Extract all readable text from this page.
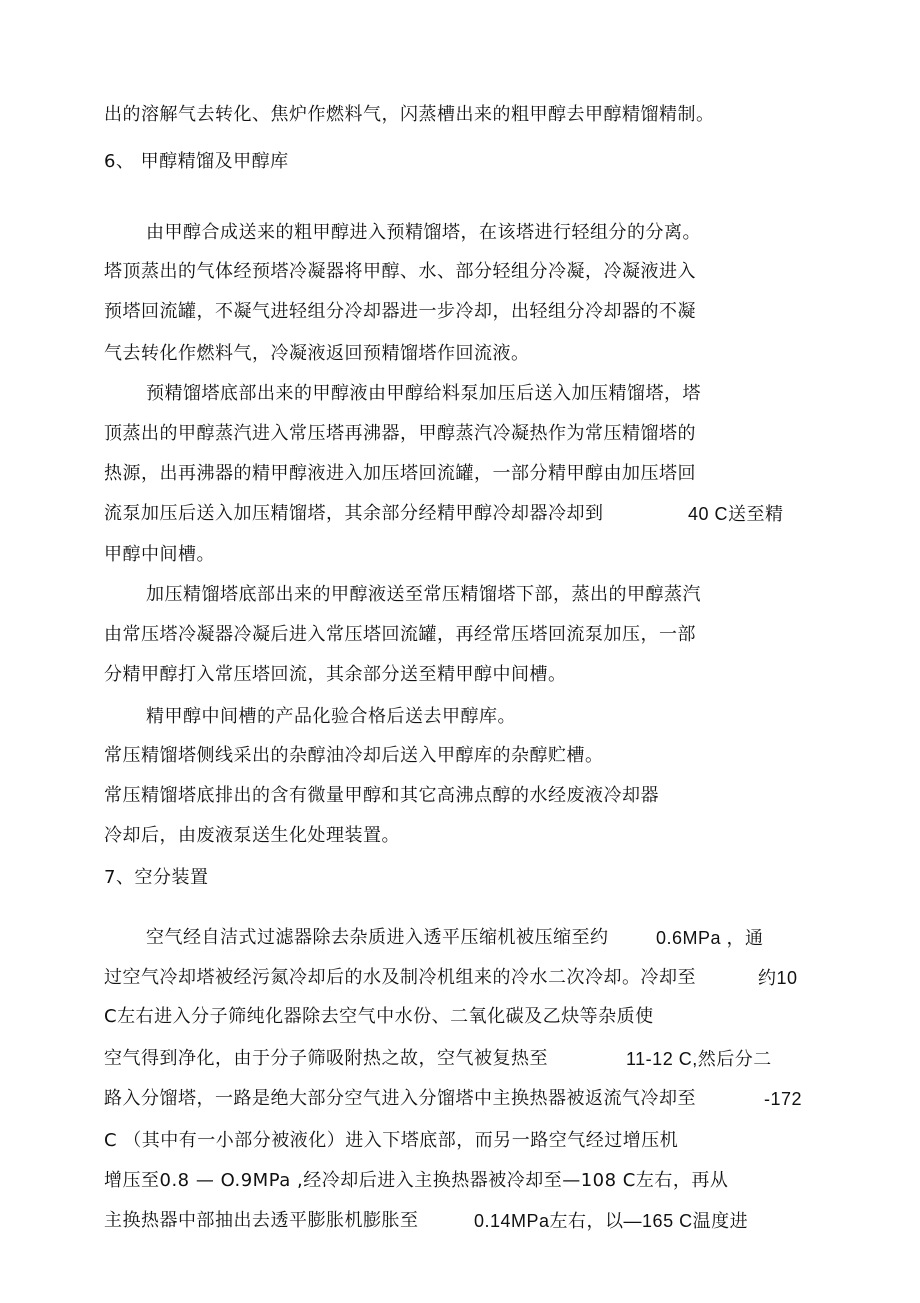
出的溶解气去转化、焦炉作燃料气，闪蒸槽出来的粗甲醇去甲醇精馏精制。
6、 甲醇精馏及甲醇库
由甲醇合成送来的粗甲醇进入预精馏塔，在该塔进行轻组分的分离。
塔顶蒸出的气体经预塔冷凝器将甲醇、水、部分轻组分冷凝，冷凝液进入
预塔回流罐，不凝气进轻组分冷却器进一步冷却，出轻组分冷却器的不凝
气去转化作燃料气，冷凝液返回预精馏塔作回流液。
预精馏塔底部出来的甲醇液由甲醇给料泵加压后送入加压精馏塔，塔
顶蒸出的甲醇蒸汽进入常压塔再沸器，甲醇蒸汽冷凝热作为常压精馏塔的
热源，出再沸器的精甲醇液进入加压塔回流罐，一部分精甲醇由加压塔回
流泵加压后送入加压精馏塔，其余部分经精甲醇冷却器冷却到	40 C送至精
甲醇中间槽。
加压精馏塔底部出来的甲醇液送至常压精馏塔下部，蒸出的甲醇蒸汽
由常压塔冷凝器冷凝后进入常压塔回流罐，再经常压塔回流泵加压，一部
分精甲醇打入常压塔回流，其余部分送至精甲醇中间槽。
精甲醇中间槽的产品化验合格后送去甲醇库。
常压精馏塔侧线采出的杂醇油冷却后送入甲醇库的杂醇贮槽。
常压精馏塔底排出的含有微量甲醇和其它高沸点醇的水经废液冷却器
冷却后，由废液泵送生化处理装置。
7、空分装置
空气经自洁式过滤器除去杂质进入透平压缩机被压缩至约	0.6MPa ，通
过空气冷却塔被经污氮冷却后的水及制冷机组来的冷水二次冷却。冷却至	约10
C左右进入分子筛纯化器除去空气中水份、二氧化碳及乙炔等杂质使
空气得到净化，由于分子筛吸附热之故，空气被复热至	11-12 C,然后分二
路入分馏塔，一路是绝大部分空气进入分馏塔中主换热器被返流气冷却至	-172
C （其中有一小部分被液化）进入下塔底部，而另一路空气经过增压机
增压至0.8 — O.9MPa ,经冷却后进入主换热器被冷却至—108 C左右，再从
主换热器中部抽出去透平膨胀机膨胀至	0.14MPa左右，以—165 C温度进
